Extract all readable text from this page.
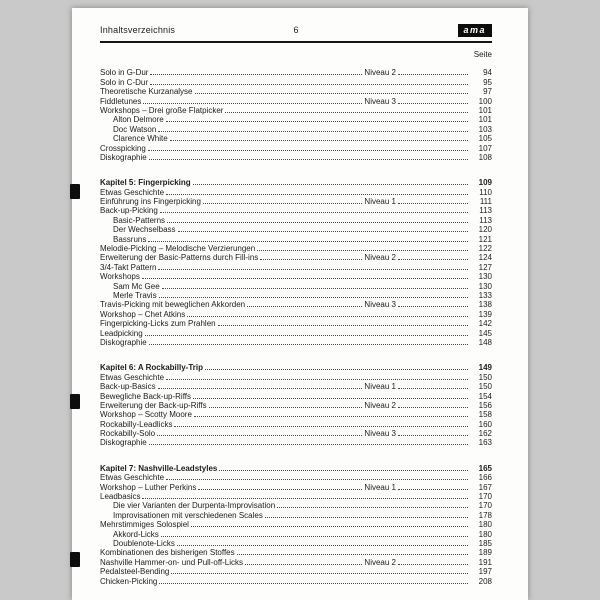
Inhaltsverzeichnis	6	ama
Seite
Solo in G-Dur	Niveau 2	94
Solo in C-Dur	95
Theoretische Kurzanalyse	97
Fiddletunes	Niveau 3	100
Workshops – Drei große Flatpicker	101
Alton Delmore	101
Doc Watson	103
Clarence White	105
Crosspicking	107
Diskographie	108
Kapitel 5: Fingerpicking	109
Etwas Geschichte	110
Einführung ins Fingerpicking	Niveau 1	111
Back-up-Picking	113
Basic-Patterns	113
Der Wechselbass	120
Bassruns	121
Melodie-Picking – Melodische Verzierungen	122
Erweiterung der Basic-Patterns durch Fill-ins	Niveau 2	124
3/4-Takt Pattern	127
Workshops	130
Sam Mc Gee	130
Merle Travis	133
Travis-Picking mit beweglichen Akkorden	Niveau 3	138
Workshop – Chet Atkins	139
Fingerpicking-Licks zum Prahlen	142
Leadpicking	145
Diskographie	148
Kapitel 6: A Rockabilly-Trip	149
Etwas Geschichte	150
Back-up-Basics	Niveau 1	150
Bewegliche Back-up-Riffs	154
Erweiterung der Back-up-Riffs	Niveau 2	156
Workshop – Scotty Moore	158
Rockabilly-Leadlicks	160
Rockabilly-Solo	Niveau 3	162
Diskographie	163
Kapitel 7: Nashville-Leadstyles	165
Etwas Geschichte	166
Workshop – Luther Perkins	Niveau 1	167
Leadbasics	170
Die vier Varianten der Durpenta-Improvisation	170
Improvisationen mit verschiedenen Scales	178
Mehrstimmiges Solospiel	180
Akkord-Licks	180
Doublenote-Licks	185
Kombinationen des bisherigen Stoffes	189
Nashville Hammer-on- und Pull-off-Licks	Niveau 2	191
Pedalsteel-Bending	197
Chicken-Picking	208
